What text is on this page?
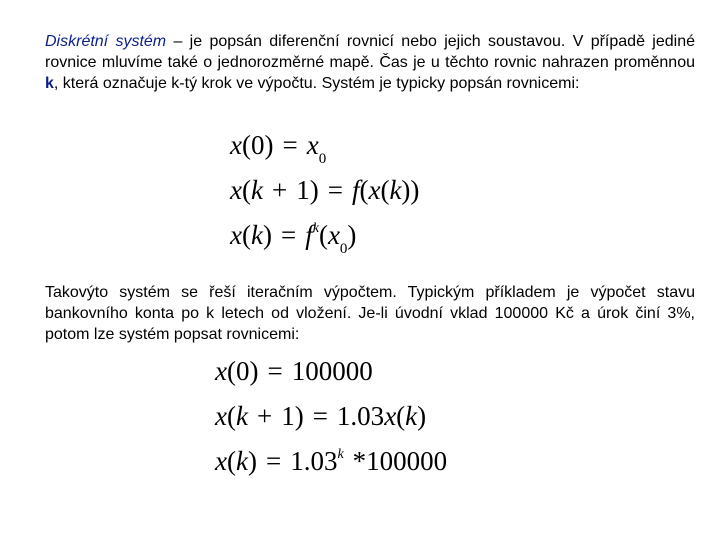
Diskrétní systém – je popsán diferenční rovnicí nebo jejich soustavou. V případě jediné rovnice mluvíme také o jednorozměrné mapě. Čas je u těchto rovnic nahrazen proměnnou k, která označuje k-tý krok ve výpočtu. Systém je typicky popsán rovnicemi:

x(0)  =  $x_0$
x(k  +  1)  =  f(x(k))
x(k)  =  $f^k(x_0)$

Takovýto systém se řeší iteračním výpočtem. Typickým příkladem je výpočet stavu bankovního konta po k letech od vložení. Je-li úvodní vklad 100000 Kč a úrok činí 3%, potom lze systém popsat rovnicemi:

x(0)  =  100000
x(k  +  1)  =  1.03x(k)
x(k)  =  1.03$^k$  *100000
